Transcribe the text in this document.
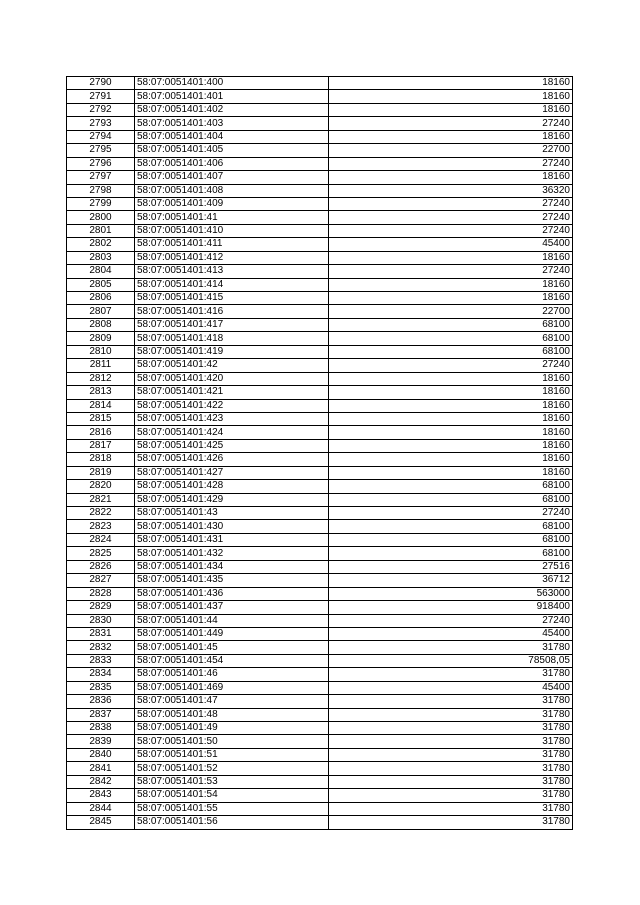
2790	58:07:0051401:400	18160
2791	58:07:0051401:401	18160
2792	58:07:0051401:402	18160
2793	58:07:0051401:403	27240
2794	58:07:0051401:404	18160
2795	58:07:0051401:405	22700
2796	58:07:0051401:406	27240
2797	58:07:0051401:407	18160
2798	58:07:0051401:408	36320
2799	58:07:0051401:409	27240
2800	58:07:0051401:41	27240
2801	58:07:0051401:410	27240
2802	58:07:0051401:411	45400
2803	58:07:0051401:412	18160
2804	58:07:0051401:413	27240
2805	58:07:0051401:414	18160
2806	58:07:0051401:415	18160
2807	58:07:0051401:416	22700
2808	58:07:0051401:417	68100
2809	58:07:0051401:418	68100
2810	58:07:0051401:419	68100
2811	58:07:0051401:42	27240
2812	58:07:0051401:420	18160
2813	58:07:0051401:421	18160
2814	58:07:0051401:422	18160
2815	58:07:0051401:423	18160
2816	58:07:0051401:424	18160
2817	58:07:0051401:425	18160
2818	58:07:0051401:426	18160
2819	58:07:0051401:427	18160
2820	58:07:0051401:428	68100
2821	58:07:0051401:429	68100
2822	58:07:0051401:43	27240
2823	58:07:0051401:430	68100
2824	58:07:0051401:431	68100
2825	58:07:0051401:432	68100
2826	58:07:0051401:434	27516
2827	58:07:0051401:435	36712
2828	58:07:0051401:436	563000
2829	58:07:0051401:437	918400
2830	58:07:0051401:44	27240
2831	58:07:0051401:449	45400
2832	58:07:0051401:45	31780
2833	58:07:0051401:454	78508,05
2834	58:07:0051401:46	31780
2835	58:07:0051401:469	45400
2836	58:07:0051401:47	31780
2837	58:07:0051401:48	31780
2838	58:07:0051401:49	31780
2839	58:07:0051401:50	31780
2840	58:07:0051401:51	31780
2841	58:07:0051401:52	31780
2842	58:07:0051401:53	31780
2843	58:07:0051401:54	31780
2844	58:07:0051401:55	31780
2845	58:07:0051401:56	31780
